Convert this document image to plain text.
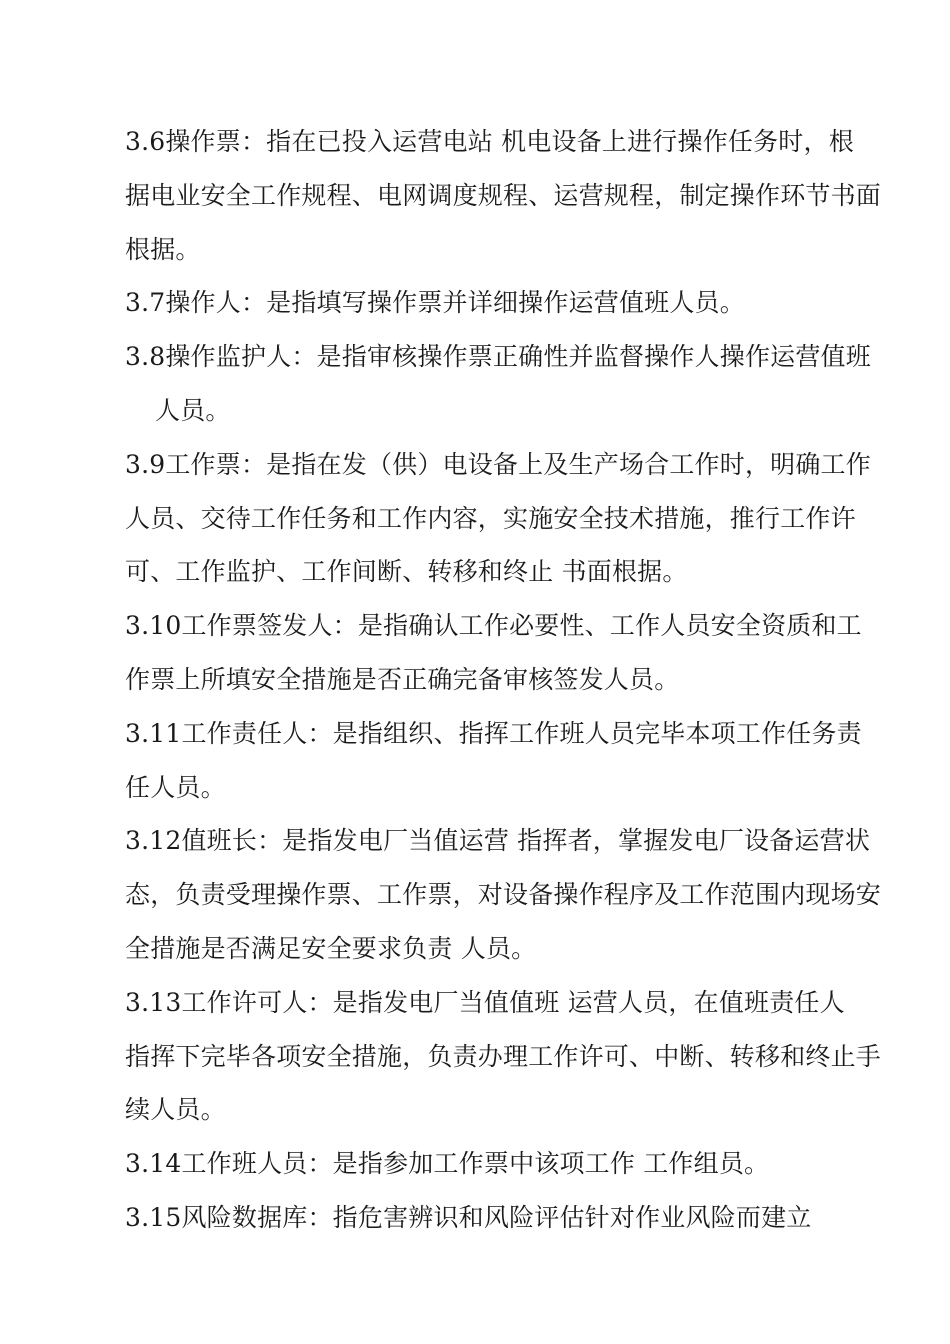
3.6操作票：指在已投入运营电站 机电设备上进行操作任务时，根
据电业安全工作规程、电网调度规程、运营规程，制定操作环节书面
根据。
3.7操作人：是指填写操作票并详细操作运营值班人员。
3.8操作监护人：是指审核操作票正确性并监督操作人操作运营值班
人员。
3.9工作票：是指在发（供）电设备上及生产场合工作时，明确工作
人员、交待工作任务和工作内容，实施安全技术措施，推行工作许
可、工作监护、工作间断、转移和终止 书面根据。
3.10工作票签发人：是指确认工作必要性、工作人员安全资质和工
作票上所填安全措施是否正确完备审核签发人员。
3.11工作责任人：是指组织、指挥工作班人员完毕本项工作任务责
任人员。
3.12值班长：是指发电厂当值运营 指挥者，掌握发电厂设备运营状
态，负责受理操作票、工作票，对设备操作程序及工作范围内现场安
全措施是否满足安全要求负责 人员。
3.13工作许可人：是指发电厂当值值班 运营人员，在值班责任人
指挥下完毕各项安全措施，负责办理工作许可、中断、转移和终止手
续人员。
3.14工作班人员：是指参加工作票中该项工作 工作组员。
3.15风险数据库：指危害辨识和风险评估针对作业风险而建立
